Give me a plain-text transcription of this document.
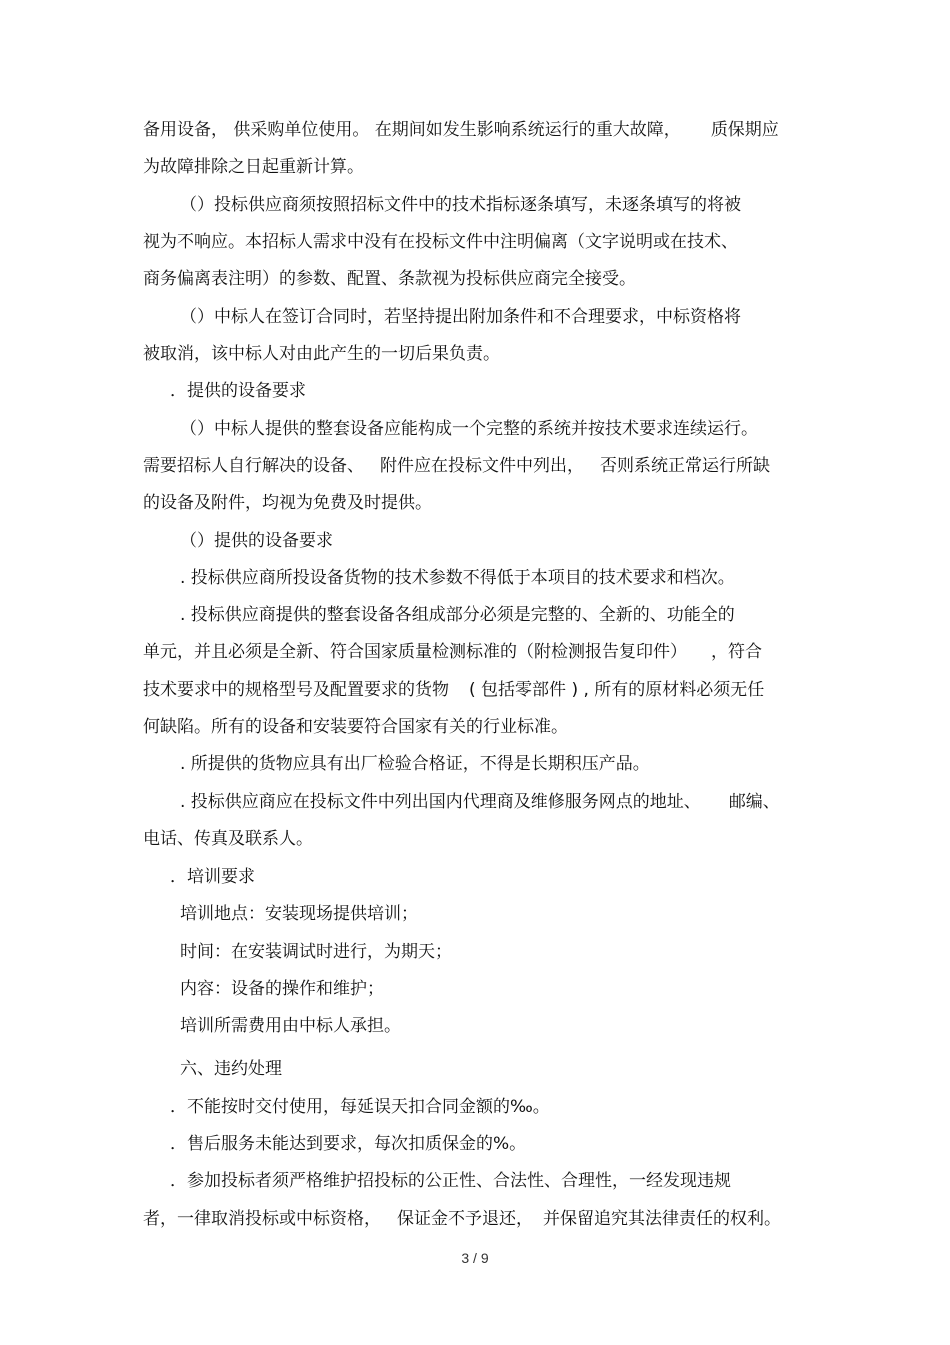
备用设备， 供采购单位使用。 在期间如发生影响系统运行的重大故障， 质保期应
为故障排除之日起重新计算。
（）投标供应商须按照招标文件中的技术指标逐条填写，未逐条填写的将被
视为不响应。本招标人需求中没有在投标文件中注明偏离（文字说明或在技术、
商务偏离表注明）的参数、配置、条款视为投标供应商完全接受。
（）中标人在签订合同时，若坚持提出附加条件和不合理要求，中标资格将
被取消，该中标人对由此产生的一切后果负责。
．提供的设备要求
（）中标人提供的整套设备应能构成一个完整的系统并按技术要求连续运行。
需要招标人自行解决的设备、 附件应在投标文件中列出， 否则系统正常运行所缺
的设备及附件，均视为免费及时提供。
（）提供的设备要求
. 投标供应商所投设备货物的技术参数不得低于本项目的技术要求和档次。
. 投标供应商提供的整套设备各组成部分必须是完整的、全新的、功能全的
单元，并且必须是全新、符合国家质量检测标准的（附检测报告复印件） ，符合
技术要求中的规格型号及配置要求的货物 ( 包括零部件 ) , 所有的原材料必须无任
何缺陷。所有的设备和安装要符合国家有关的行业标准。
. 所提供的货物应具有出厂检验合格证，不得是长期积压产品。
. 投标供应商应在投标文件中列出国内代理商及维修服务网点的地址、 邮编、
电话、传真及联系人。
．培训要求
培训地点：安装现场提供培训；
时间：在安装调试时进行，为期天；
内容：设备的操作和维护；
培训所需费用由中标人承担。
六、违约处理
．不能按时交付使用，每延误天扣合同金额的‰。
．售后服务未能达到要求，每次扣质保金的%。
．参加投标者须严格维护招投标的公正性、合法性、合理性，一经发现违规
者，一律取消投标或中标资格， 保证金不予退还， 并保留追究其法律责任的权利。
3 / 9
